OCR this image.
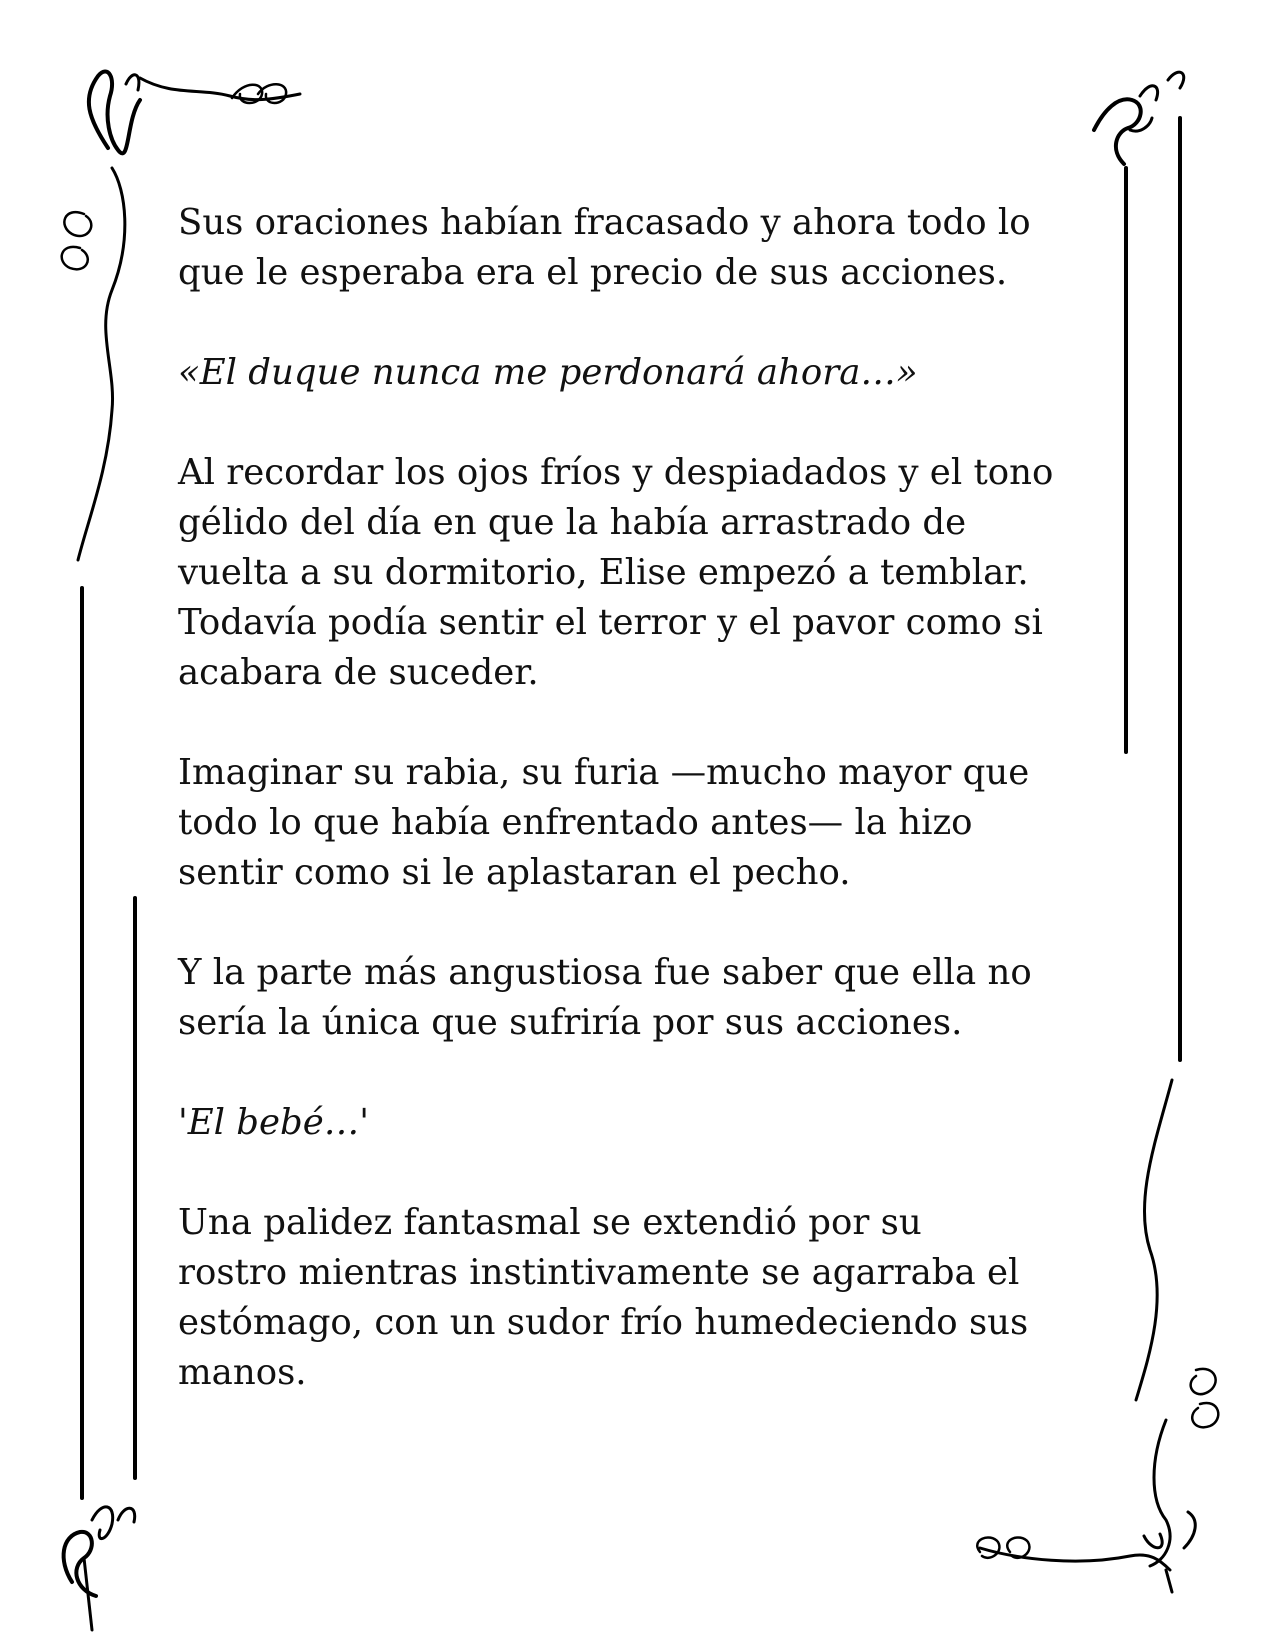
Sus oraciones habían fracasado y ahora todo lo
que le esperaba era el precio de sus acciones.

«El duque nunca me perdonará ahora…»

Al recordar los ojos fríos y despiadados y el tono
gélido del día en que la había arrastrado de
vuelta a su dormitorio, Elise empezó a temblar.
Todavía podía sentir el terror y el pavor como si
acabara de suceder.

Imaginar su rabia, su furia —mucho mayor que
todo lo que había enfrentado antes— la hizo
sentir como si le aplastaran el pecho.

Y la parte más angustiosa fue saber que ella no
sería la única que sufriría por sus acciones.

'El bebé…'

Una palidez fantasmal se extendió por su
rostro mientras instintivamente se agarraba el
estómago, con un sudor frío humedeciendo sus
manos.
